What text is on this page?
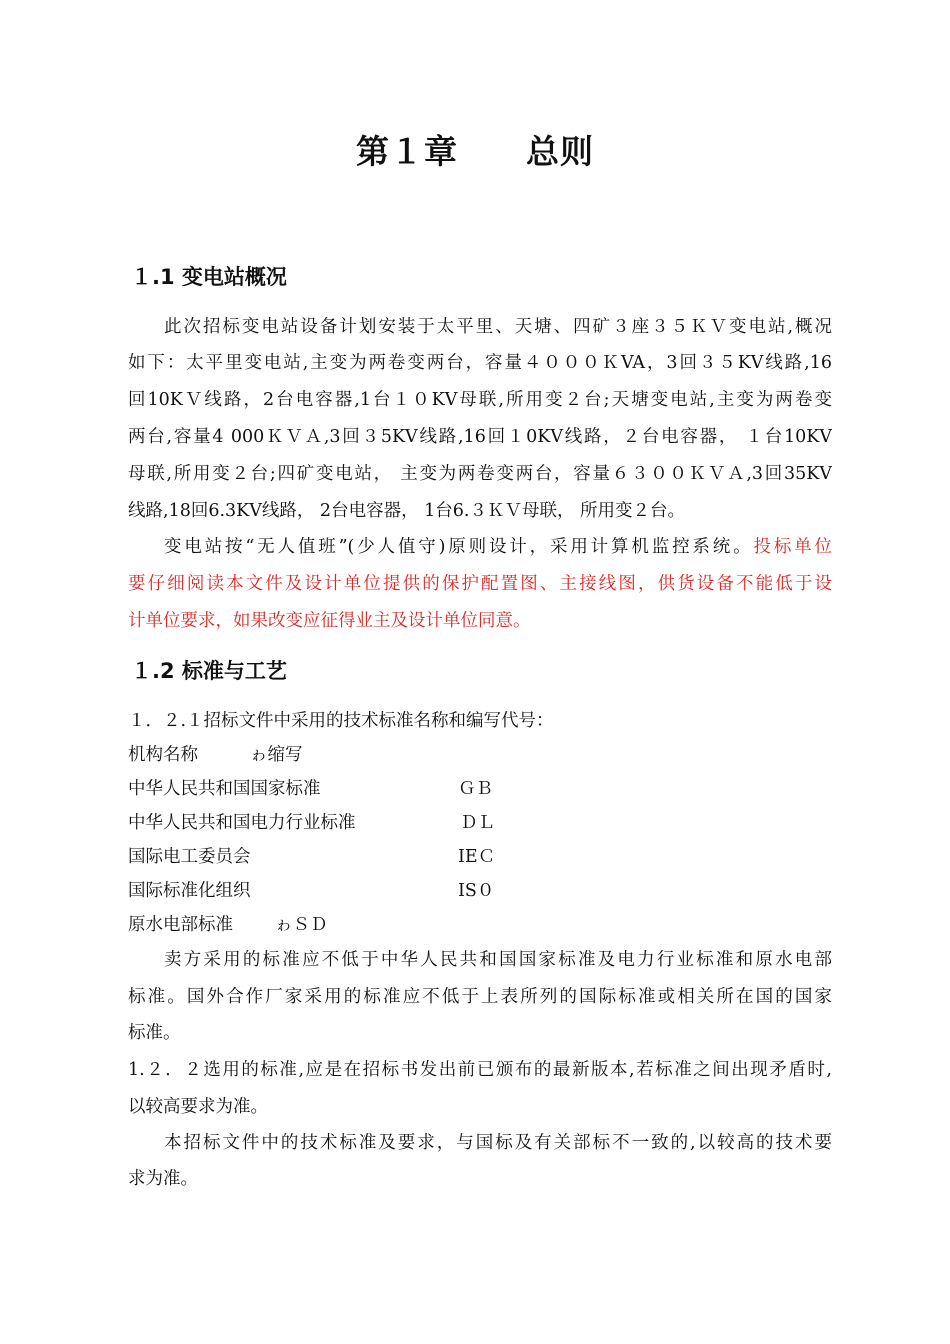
第１章 总则
１.1 变电站概况
此次招标变电站设备计划安装于太平里、天塘、四矿３座３５ＫＶ变电站,概况
如下：太平里变电站,主变为两卷变两台，容量４０００ＫVA，3回３５KV线路,16
回10KＶ线路，2台电容器,1台１０KV母联,所用变２台;天塘变电站,主变为两卷变
两台,容量4 000ＫＶＡ,3回３5KV线路,16回１0KV线路，２台电容器， １台10KV
母联,所用变２台;四矿变电站， 主变为两卷变两台，容量６３００ＫＶＡ,3回35KV
线路,18回6.3KV线路， 2台电容器， 1台6.３ＫＶ母联， 所用变２台。
变电站按“无人值班”(少人值守)原则设计，采用计算机监控系统。投标单位
要仔细阅读本文件及设计单位提供的保护配置图、主接线图，供货设备不能低于设
计单位要求，如果改变应征得业主及设计单位同意。
１.2 标准与工艺
１．２.１招标文件中采用的技术标准名称和编写代号：
机构名称	ゎ缩写
中华人民共和国国家标准	ＧＢ
中华人民共和国电力行业标准	ＤＬ
国际电工委员会	IEＣ
国际标准化组织	IS０
原水电部标准 ゎＳＤ
卖方采用的标准应不低于中华人民共和国国家标准及电力行业标准和原水电部
标准。国外合作厂家采用的标准应不低于上表所列的国际标准或相关所在国的国家
标准。
1.２．２选用的标准,应是在招标书发出前已颁布的最新版本,若标准之间出现矛盾时,
以较高要求为准。
本招标文件中的技术标准及要求，与国标及有关部标不一致的,以较高的技术要
求为准。
